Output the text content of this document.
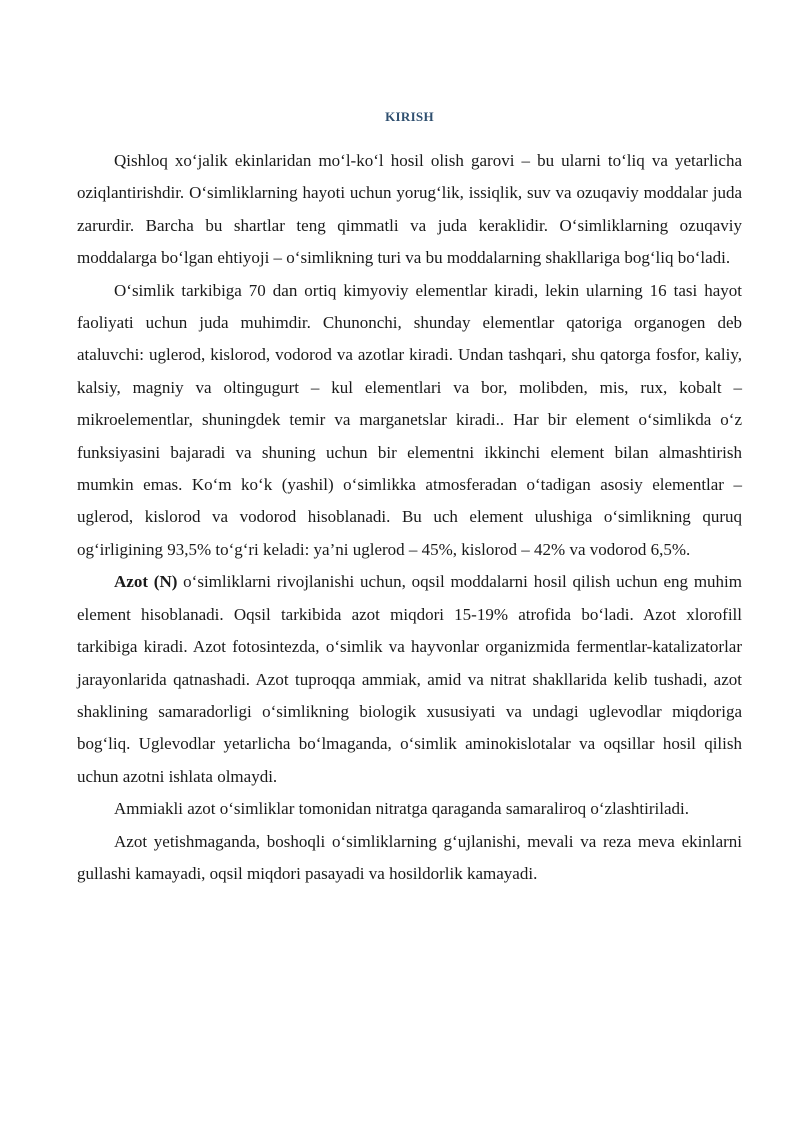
KIRISH

Qishloq xo‘jalik ekinlaridan mo‘l-ko‘l hosil olish garovi – bu ularni to‘liq va yetarlicha oziqlantirishdir. O‘simliklarning hayoti uchun yorug‘lik, issiqlik, suv va ozuqaviy moddalar juda zarurdir. Barcha bu shartlar teng qimmatli va juda keraklidir. O‘simliklarning ozuqaviy moddalarga bo‘lgan ehtiyoji – o‘simlikning turi va bu moddalarning shakllariga bog‘liq bo‘ladi.

O‘simlik tarkibiga 70 dan ortiq kimyoviy elementlar kiradi, lekin ularning 16 tasi hayot faoliyati uchun juda muhimdir. Chunonchi, shunday elementlar qatoriga organogen deb ataluvchi: uglerod, kislorod, vodorod va azotlar kiradi. Undan tashqari, shu qatorga fosfor, kaliy, kalsiy, magniy va oltingugurt – kul elementlari va bor, molibden, mis, rux, kobalt – mikroelementlar, shuningdek temir va marganetslar kiradi.. Har bir element o‘simlikda o‘z funksiyasini bajaradi va shuning uchun bir elementni ikkinchi element bilan almashtirish mumkin emas. Ko‘m ko‘k (yashil) o‘simlikka atmosferadan o‘tadigan asosiy elementlar – uglerod, kislorod va vodorod hisoblanadi. Bu uch element ulushiga o‘simlikning quruq og‘irligining 93,5% to‘g‘ri keladi: ya’ni uglerod – 45%, kislorod – 42% va vodorod 6,5%.

Azot (N) o‘simliklarni rivojlanishi uchun, oqsil moddalarni hosil qilish uchun eng muhim element hisoblanadi. Oqsil tarkibida azot miqdori 15-19% atrofida bo‘ladi. Azot xlorofill tarkibiga kiradi. Azot fotosintezda, o‘simlik va hayvonlar organizmida fermentlar-katalizatorlar jarayonlarida qatnashadi. Azot tuproqqa ammiak, amid va nitrat shakllarida kelib tushadi, azot shaklining samaradorligi o‘simlikning biologik xususiyati va undagi uglevodlar miqdoriga bog‘liq. Uglevodlar yetarlicha bo‘lmaganda, o‘simlik aminokislotalar va oqsillar hosil qilish uchun azotni ishlata olmaydi.

Ammiakli azot o‘simliklar tomonidan nitratga qaraganda samaraliroq o‘zlashtiriladi.

Azot yetishmaganda, boshoqli o‘simliklarning g‘ujlanishi, mevali va reza meva ekinlarni gullashi kamayadi, oqsil miqdori pasayadi va hosildorlik kamayadi.
